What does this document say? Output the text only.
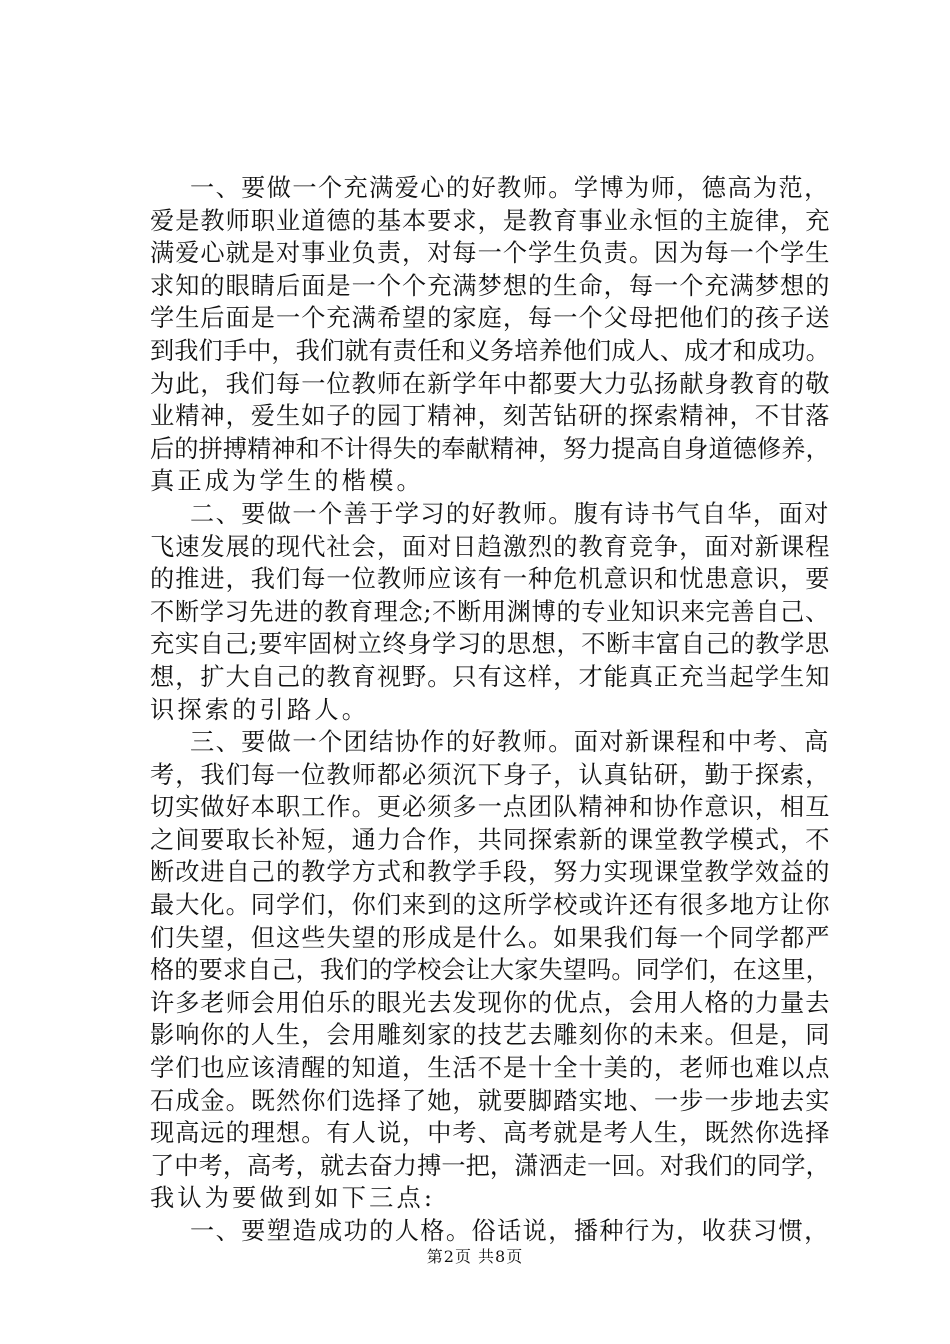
一、要做一个充满爱心的好教师。学博为师，德高为范，
爱是教师职业道德的基本要求，是教育事业永恒的主旋律，充
满爱心就是对事业负责，对每一个学生负责。因为每一个学生
求知的眼睛后面是一个个充满梦想的生命，每一个充满梦想的
学生后面是一个充满希望的家庭，每一个父母把他们的孩子送
到我们手中，我们就有责任和义务培养他们成人、成才和成功。
为此，我们每一位教师在新学年中都要大力弘扬献身教育的敬
业精神，爱生如子的园丁精神，刻苦钻研的探索精神，不甘落
后的拼搏精神和不计得失的奉献精神，努力提高自身道德修养，
真正成为学生的楷模。
二、要做一个善于学习的好教师。腹有诗书气自华，面对
飞速发展的现代社会，面对日趋激烈的教育竞争，面对新课程
的推进，我们每一位教师应该有一种危机意识和忧患意识，要
不断学习先进的教育理念;不断用渊博的专业知识来完善自己、
充实自己;要牢固树立终身学习的思想，不断丰富自己的教学思
想，扩大自己的教育视野。只有这样，才能真正充当起学生知
识探索的引路人。
三、要做一个团结协作的好教师。面对新课程和中考、高
考，我们每一位教师都必须沉下身子，认真钻研，勤于探索，
切实做好本职工作。更必须多一点团队精神和协作意识，相互
之间要取长补短，通力合作，共同探索新的课堂教学模式，不
断改进自己的教学方式和教学手段，努力实现课堂教学效益的
最大化。同学们，你们来到的这所学校或许还有很多地方让你
们失望，但这些失望的形成是什么。如果我们每一个同学都严
格的要求自己，我们的学校会让大家失望吗。同学们，在这里，
许多老师会用伯乐的眼光去发现你的优点，会用人格的力量去
影响你的人生，会用雕刻家的技艺去雕刻你的未来。但是，同
学们也应该清醒的知道，生活不是十全十美的，老师也难以点
石成金。既然你们选择了她，就要脚踏实地、一步一步地去实
现高远的理想。有人说，中考、高考就是考人生，既然你选择
了中考，高考，就去奋力搏一把，潇洒走一回。对我们的同学，
我认为要做到如下三点:
一、要塑造成功的人格。俗话说，播种行为，收获习惯，
第2页 共8页
